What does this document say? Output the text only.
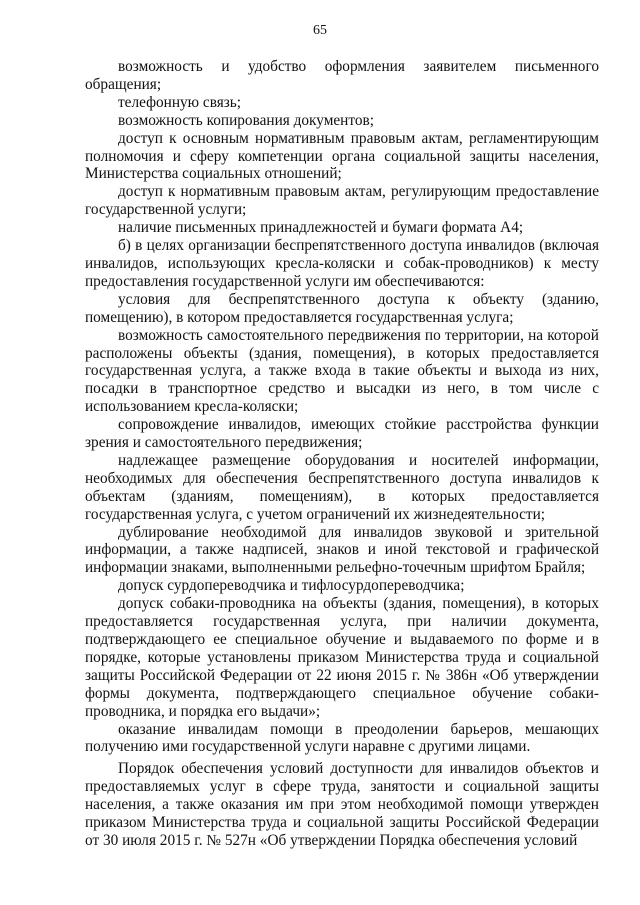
65

возможность и удобство оформления заявителем письменного обращения;

телефонную связь;

возможность копирования документов;

доступ к основным нормативным правовым актам, регламентирующим полномочия и сферу компетенции органа социальной защиты населения, Министерства социальных отношений;

доступ к нормативным правовым актам, регулирующим предоставление государственной услуги;

наличие письменных принадлежностей и бумаги формата А4;

б) в целях организации беспрепятственного доступа инвалидов (включая инвалидов, использующих кресла-коляски и собак-проводников) к месту предоставления государственной услуги им обеспечиваются:

условия для беспрепятственного доступа к объекту (зданию, помещению), в котором предоставляется государственная услуга;

возможность самостоятельного передвижения по территории, на которой расположены объекты (здания, помещения), в которых предоставляется государственная услуга, а также входа в такие объекты и выхода из них, посадки в транспортное средство и высадки из него, в том числе с использованием кресла-коляски;

сопровождение инвалидов, имеющих стойкие расстройства функции зрения и самостоятельного передвижения;

надлежащее размещение оборудования и носителей информации, необходимых для обеспечения беспрепятственного доступа инвалидов к объектам (зданиям, помещениям), в которых предоставляется государственная услуга, с учетом ограничений их жизнедеятельности;

дублирование необходимой для инвалидов звуковой и зрительной информации, а также надписей, знаков и иной текстовой и графической информации знаками, выполненными рельефно-точечным шрифтом Брайля;

допуск сурдопереводчика и тифлосурдопереводчика;

допуск собаки-проводника на объекты (здания, помещения), в которых предоставляется государственная услуга, при наличии документа, подтверждающего ее специальное обучение и выдаваемого по форме и в порядке, которые установлены приказом Министерства труда и социальной защиты Российской Федерации от 22 июня 2015 г. № 386н «Об утверждении формы документа, подтверждающего специальное обучение собаки-проводника, и порядка его выдачи»;

оказание инвалидам помощи в преодолении барьеров, мешающих получению ими государственной услуги наравне с другими лицами.

Порядок обеспечения условий доступности для инвалидов объектов и предоставляемых услуг в сфере труда, занятости и социальной защиты населения, а также оказания им при этом необходимой помощи утвержден приказом Министерства труда и социальной защиты Российской Федерации от 30 июля 2015 г. № 527н «Об утверждении Порядка обеспечения условий
